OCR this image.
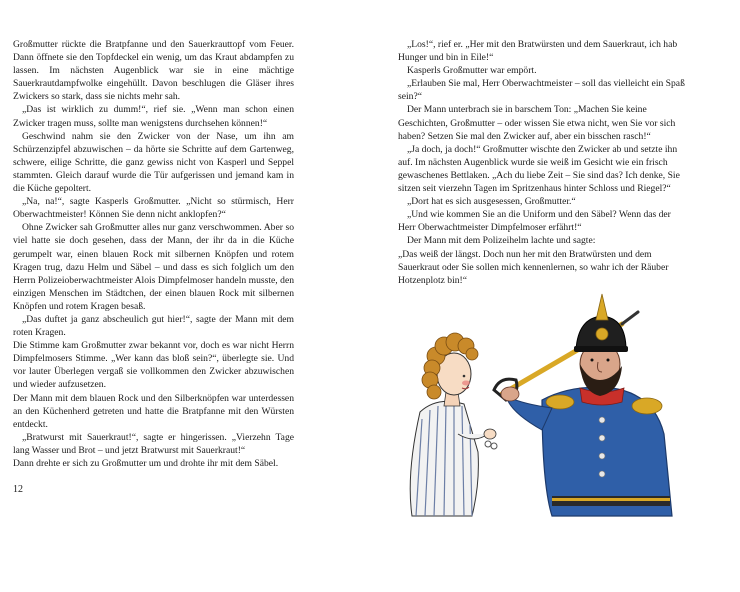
Großmutter rückte die Bratpfanne und den Sauerkrauttopf vom Feuer. Dann öffnete sie den Topfdeckel ein wenig, um das Kraut abdampfen zu lassen. Im nächsten Augenblick war sie in eine mächtige Sauerkrautdampfwolke eingehüllt. Davon beschlugen die Gläser ihres Zwickers so stark, dass sie nichts mehr sah.

„Das ist wirklich zu dumm!“, rief sie. „Wenn man schon einen Zwicker tragen muss, sollte man wenigstens durchsehen können!“

Geschwind nahm sie den Zwicker von der Nase, um ihn am Schürzenzipfel abzuwischen – da hörte sie Schritte auf dem Gartenweg, schwere, eilige Schritte, die ganz gewiss nicht von Kasperl und Seppel stammten. Gleich darauf wurde die Tür aufgerissen und jemand kam in die Küche gepoltert.

„Na, na!“, sagte Kasperls Großmutter. „Nicht so stürmisch, Herr Oberwachtmeister! Können Sie denn nicht anklopfen?“

Ohne Zwicker sah Großmutter alles nur ganz verschwommen. Aber so viel hatte sie doch gesehen, dass der Mann, der ihr da in die Küche gerumpelt war, einen blauen Rock mit silbernen Knöpfen und rotem Kragen trug, dazu Helm und Säbel – und dass es sich folglich um den Herrn Polizeioberwachtmeister Alois Dimpfelmoser handeln musste, den einzigen Menschen im Städtchen, der einen blauen Rock mit silbernen Knöpfen und rotem Kragen besaß.

„Das duftet ja ganz abscheulich gut hier!“, sagte der Mann mit dem roten Kragen.

Die Stimme kam Großmutter zwar bekannt vor, doch es war nicht Herrn Dimpfelmosers Stimme. „Wer kann das bloß sein?“, überlegte sie. Und vor lauter Überlegen vergaß sie vollkommen den Zwicker abzuwischen und wieder aufzusetzen.

Der Mann mit dem blauen Rock und den Silberknöpfen war unterdessen an den Küchenherd getreten und hatte die Bratpfanne mit den Würsten entdeckt.

„Bratwurst mit Sauerkraut!“, sagte er hingerissen. „Vierzehn Tage lang Wasser und Brot – und jetzt Bratwurst mit Sauerkraut!“

Dann drehte er sich zu Großmutter um und drohte ihr mit dem Säbel.

12

„Los!“, rief er. „Her mit den Bratwürsten und dem Sauerkraut, ich hab Hunger und bin in Eile!“

Kasperls Großmutter war empört.

„Erlauben Sie mal, Herr Oberwachtmeister – soll das vielleicht ein Spaß sein?“

Der Mann unterbrach sie in barschem Ton: „Machen Sie keine Geschichten, Großmutter – oder wissen Sie etwa nicht, wen Sie vor sich haben? Setzen Sie mal den Zwicker auf, aber ein bisschen rasch!“

„Ja doch, ja doch!“ Großmutter wischte den Zwicker ab und setzte ihn auf. Im nächsten Augenblick wurde sie weiß im Gesicht wie ein frisch gewaschenes Bettlaken. „Ach du liebe Zeit – Sie sind das? Ich denke, Sie sitzen seit vierzehn Tagen im Spritzenhaus hinter Schloss und Riegel?“

„Dort hat es sich ausgesessen, Großmutter.“

„Und wie kommen Sie an die Uniform und den Säbel? Wenn das der Herr Oberwachtmeister Dimpfelmoser erfährt!“

Der Mann mit dem Polizeihelm lachte und sagte:

„Das weiß der längst. Doch nun her mit den Bratwürsten und dem Sauerkraut oder Sie sollen mich kennenlernen, so wahr ich der Räuber Hotzenplotz bin!“
